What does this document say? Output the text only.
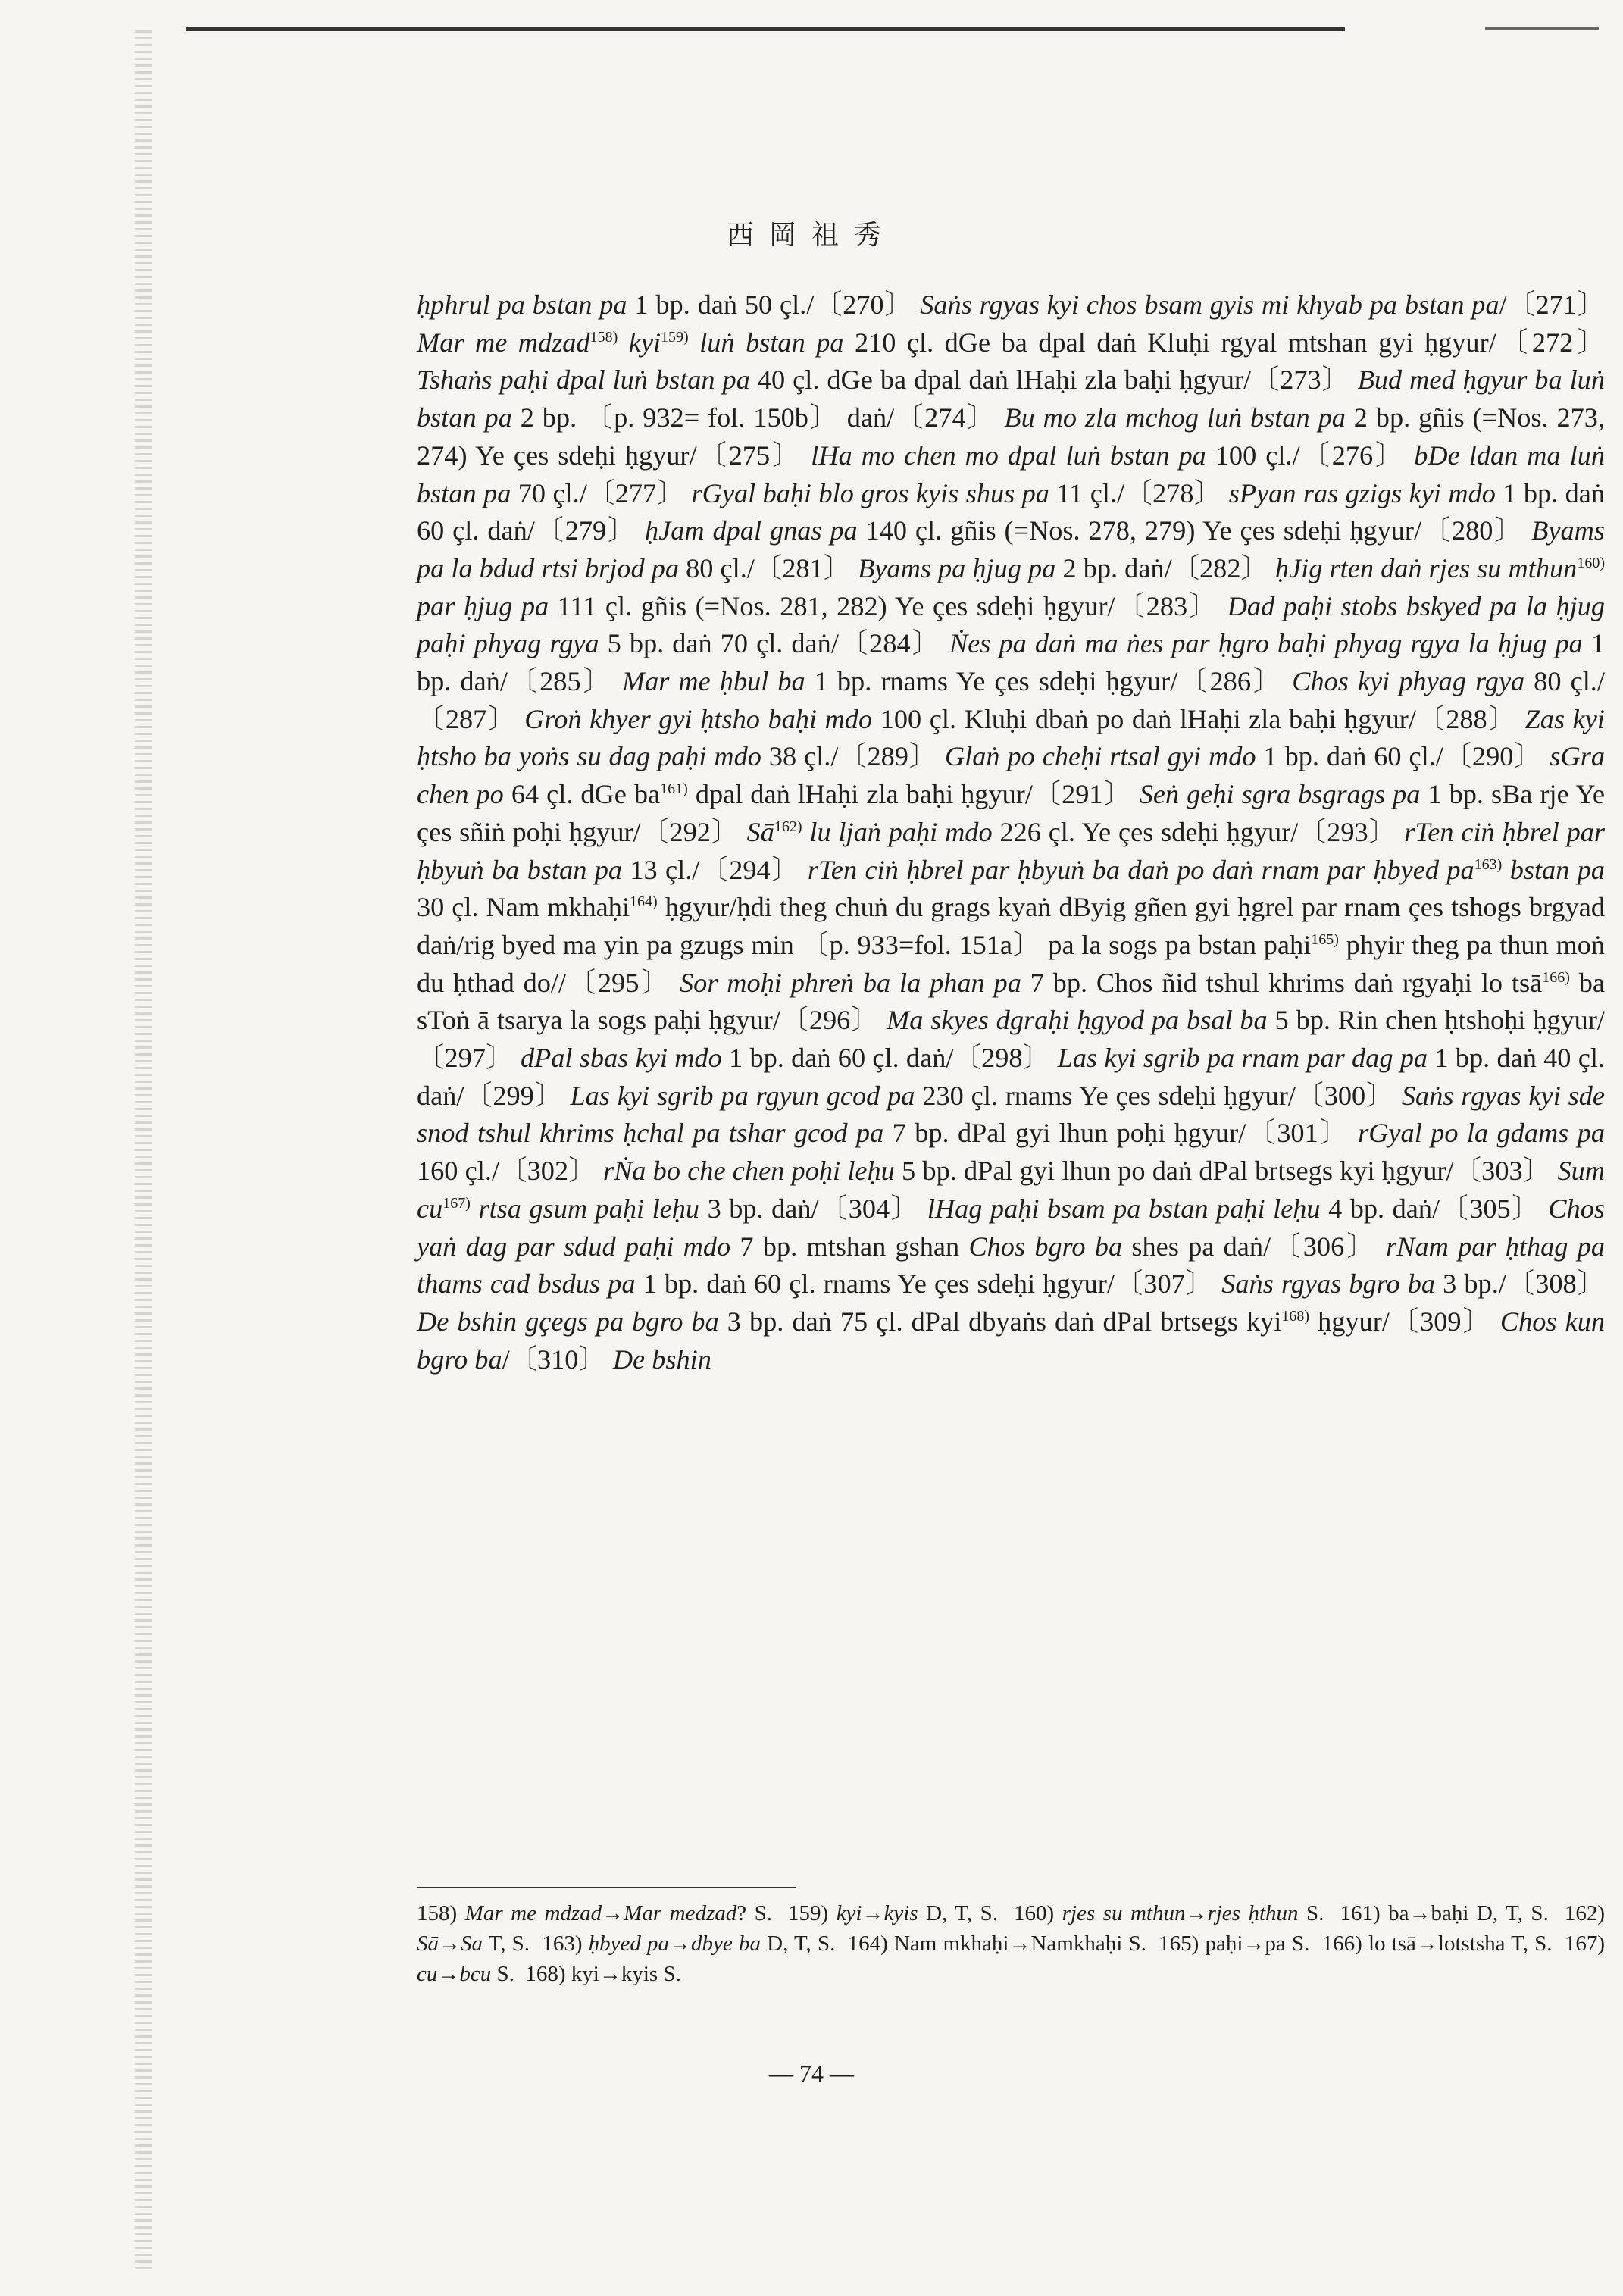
西岡祖秀
ḥphrul pa bstan pa 1 bp. daṅ 50 çl./〔270〕 Saṅs rgyas kyi chos bsam gyis mi khyab pa bstan pa/〔271〕 Mar me mdzad$^{158)}$ kyi$^{159)}$ luṅ bstan pa 210 çl. dGe ba dpal daṅ Kluḥi rgyal mtshan gyi ḥgyur/〔272〕 Tshaṅs paḥi dpal luṅ bstan pa 40 çl. dGe ba dpal daṅ lHaḥi zla baḥi ḥgyur/〔273〕 Bud med ḥgyur ba luṅ bstan pa 2 bp. 〔p. 932= fol. 150b〕 daṅ/〔274〕 Bu mo zla mchog luṅ bstan pa 2 bp. gñis (=Nos. 273, 274) Ye çes sdeḥi ḥgyur/〔275〕 lHa mo chen mo dpal luṅ bstan pa 100 çl./〔276〕 bDe ldan ma luṅ bstan pa 70 çl./〔277〕 rGyal baḥi blo gros kyis shus pa 11 çl./〔278〕 sPyan ras gzigs kyi mdo 1 bp. daṅ 60 çl. daṅ/〔279〕 ḥJam dpal gnas pa 140 çl. gñis (=Nos. 278, 279) Ye çes sdeḥi ḥgyur/〔280〕 Byams pa la bdud rtsi brjod pa 80 çl./〔281〕 Byams pa ḥjug pa 2 bp. daṅ/〔282〕 ḥJig rten daṅ rjes su mthun$^{160)}$ par ḥjug pa 111 çl. gñis (=Nos. 281, 282) Ye çes sdeḥi ḥgyur/〔283〕 Dad paḥi stobs bskyed pa la ḥjug paḥi phyag rgya 5 bp. daṅ 70 çl. daṅ/〔284〕 Ṅes pa daṅ ma ṅes par ḥgro baḥi phyag rgya la ḥjug pa 1 bp. daṅ/〔285〕 Mar me ḥbul ba 1 bp. rnams Ye çes sdeḥi ḥgyur/〔286〕 Chos kyi phyag rgya 80 çl./〔287〕 Groṅ khyer gyi ḥtsho baḥi mdo 100 çl. Kluḥi dbaṅ po daṅ lHaḥi zla baḥi ḥgyur/〔288〕 Zas kyi ḥtsho ba yoṅs su dag paḥi mdo 38 çl./〔289〕 Glaṅ po cheḥi rtsal gyi mdo 1 bp. daṅ 60 çl./〔290〕 sGra chen po 64 çl. dGe $ba^{161)}$ dpal daṅ lHaḥi zla baḥi ḥgyur/〔291〕 Seṅ geḥi sgra bsgrags pa 1 bp. sBa rje Ye çes sñiṅ poḥi ḥgyur/〔292〕 $Sā^{162)}$ lu ljaṅ paḥi mdo 226 çl. Ye çes sdeḥi ḥgyur/〔293〕 rTen ciṅ ḥbrel par ḥbyuṅ ba bstan pa 13 çl./〔294〕 rTen ciṅ ḥbrel par ḥbyuṅ ba daṅ po daṅ rnam par ḥbyed $pa^{163)}$ bstan pa 30 çl. Nam mkhaḥi$^{164)}$ ḥgyur/ḥdi theg chuṅ du grags kyaṅ dByig gñen gyi ḥgrel par rnam çes tshogs brgyad daṅ/rig byed ma yin pa gzugs min 〔p. 933=fol. 151a〕 pa la sogs pa bstan paḥi$^{165)}$ phyir theg pa thun moṅ du ḥthad do//〔295〕 Sor moḥi phreṅ ba la phan pa 7 bp. Chos ñid tshul khrims daṅ rgyaḥi lo tsā$^{166)}$ ba sToṅ ā tsarya la sogs paḥi ḥgyur/〔296〕 Ma skyes dgraḥi ḥgyod pa bsal ba 5 bp. Rin chen ḥtshoḥi ḥgyur/〔297〕 dPal sbas kyi mdo 1 bp. daṅ 60 çl. daṅ/〔298〕 Las kyi sgrib pa rnam par dag pa 1 bp. daṅ 40 çl. daṅ/〔299〕 Las kyi sgrib pa rgyun gcod pa 230 çl. rnams Ye çes sdeḥi ḥgyur/〔300〕 Saṅs rgyas kyi sde snod tshul khrims ḥchal pa tshar gcod pa 7 bp. dPal gyi lhun poḥi ḥgyur/〔301〕 rGyal po la gdams pa 160 çl./〔302〕 rṄa bo che chen poḥi leḥu 5 bp. dPal gyi lhun po daṅ dPal brtsegs kyi ḥgyur/〔303〕 Sum $cu^{167)}$ rtsa gsum paḥi leḥu 3 bp. daṅ/〔304〕 lHag paḥi bsam pa bstan paḥi leḥu 4 bp. daṅ/〔305〕 Chos yaṅ dag par sdud paḥi mdo 7 bp. mtshan gshan Chos bgro ba shes pa daṅ/〔306〕 rNam par ḥthag pa thams cad bsdus pa 1 bp. daṅ 60 çl. rnams Ye çes sdeḥi ḥgyur/〔307〕 Saṅs rgyas bgro ba 3 bp./〔308〕 De bshin gçegs pa bgro ba 3 bp. daṅ 75 çl. dPal dbyaṅs daṅ dPal brtsegs kyi$^{168)}$ ḥgyur/〔309〕 Chos kun bgro ba/〔310〕 De bshin
158) Mar me mdzad→Mar medzad? S.  159) kyi→kyis D, T, S.  160) rjes su mthun→rjes ḥthun S.  161) ba→baḥi D, T, S.  162) Sā→Sa T, S.  163) ḥbyed pa→dbye ba D, T, S.  164) Nam mkhaḥi→Namkhaḥi S.  165) paḥi→pa S.  166) lo tsā→lotstsha T, S.  167) cu→bcu S.  168) kyi→kyis S.
— 74 —
